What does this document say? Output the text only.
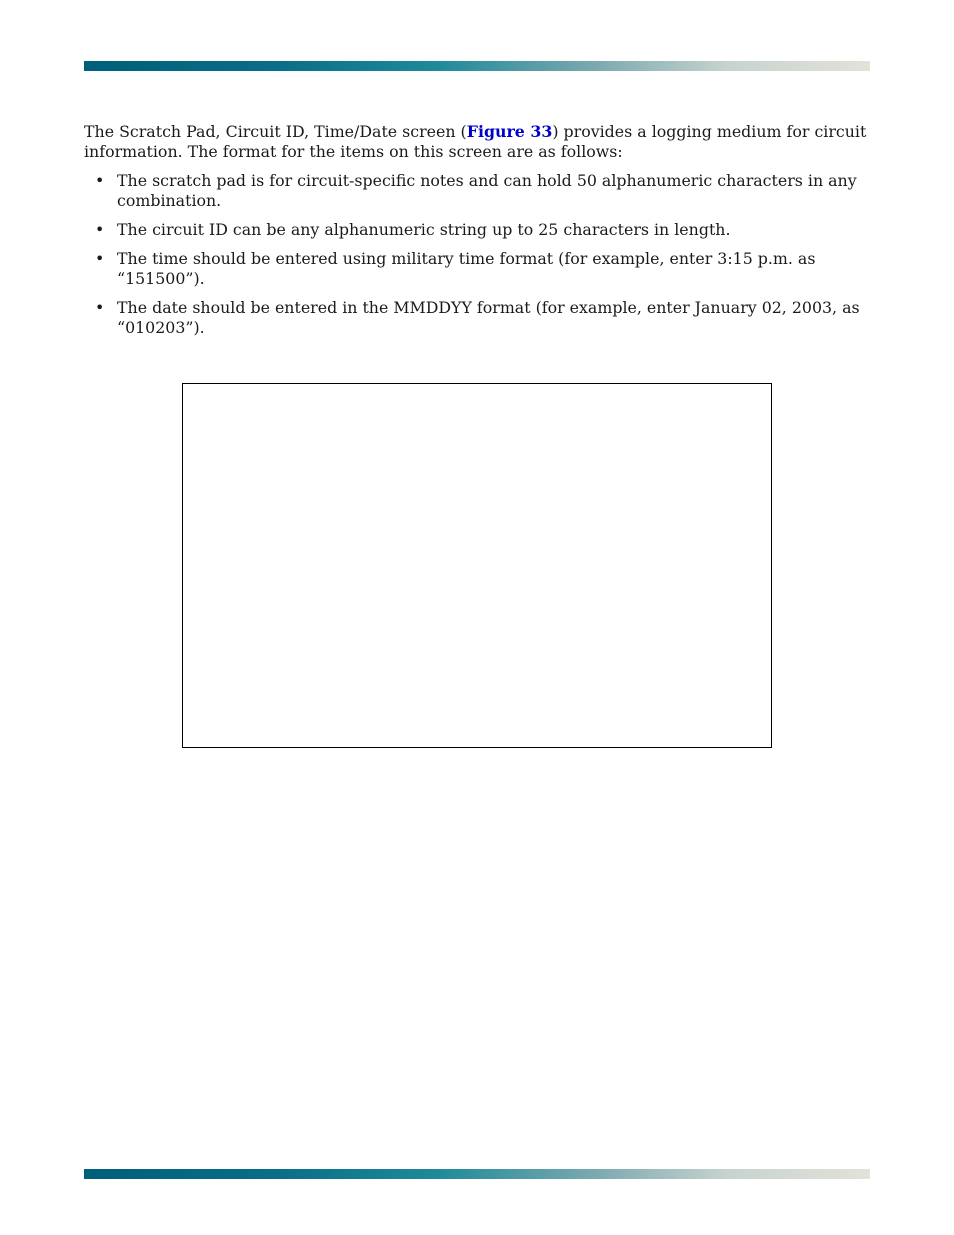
The Scratch Pad, Circuit ID, Time/Date screen (Figure 33) provides a logging medium for circuit information. The format for the items on this screen are as follows:

• The scratch pad is for circuit-specific notes and can hold 50 alphanumeric characters in any combination.
• The circuit ID can be any alphanumeric string up to 25 characters in length.
• The time should be entered using military time format (for example, enter 3:15 p.m. as “151500”).
• The date should be entered in the MMDDYY format (for example, enter January 02, 2003, as “010203”).
